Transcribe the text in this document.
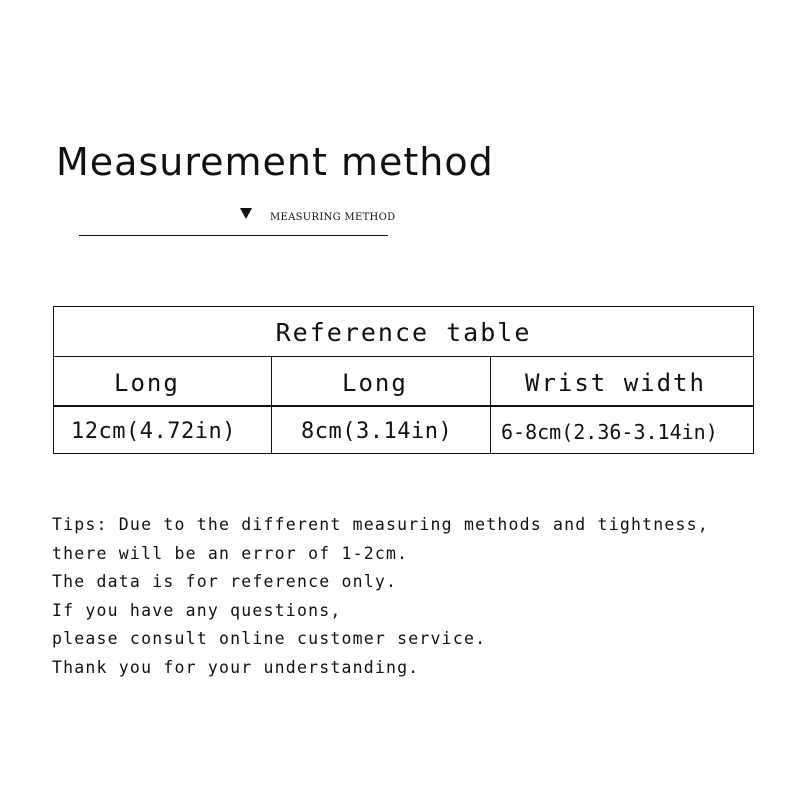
Measurement method
MEASURING METHOD
Reference table
Long	Long	Wrist width
12cm(4.72in)	8cm(3.14in)	6-8cm(2.36-3.14in)
Tips: Due to the different measuring methods and tightness,
there will be an error of 1-2cm.
The data is for reference only.
If you have any questions,
please consult online customer service.
Thank you for your understanding.
